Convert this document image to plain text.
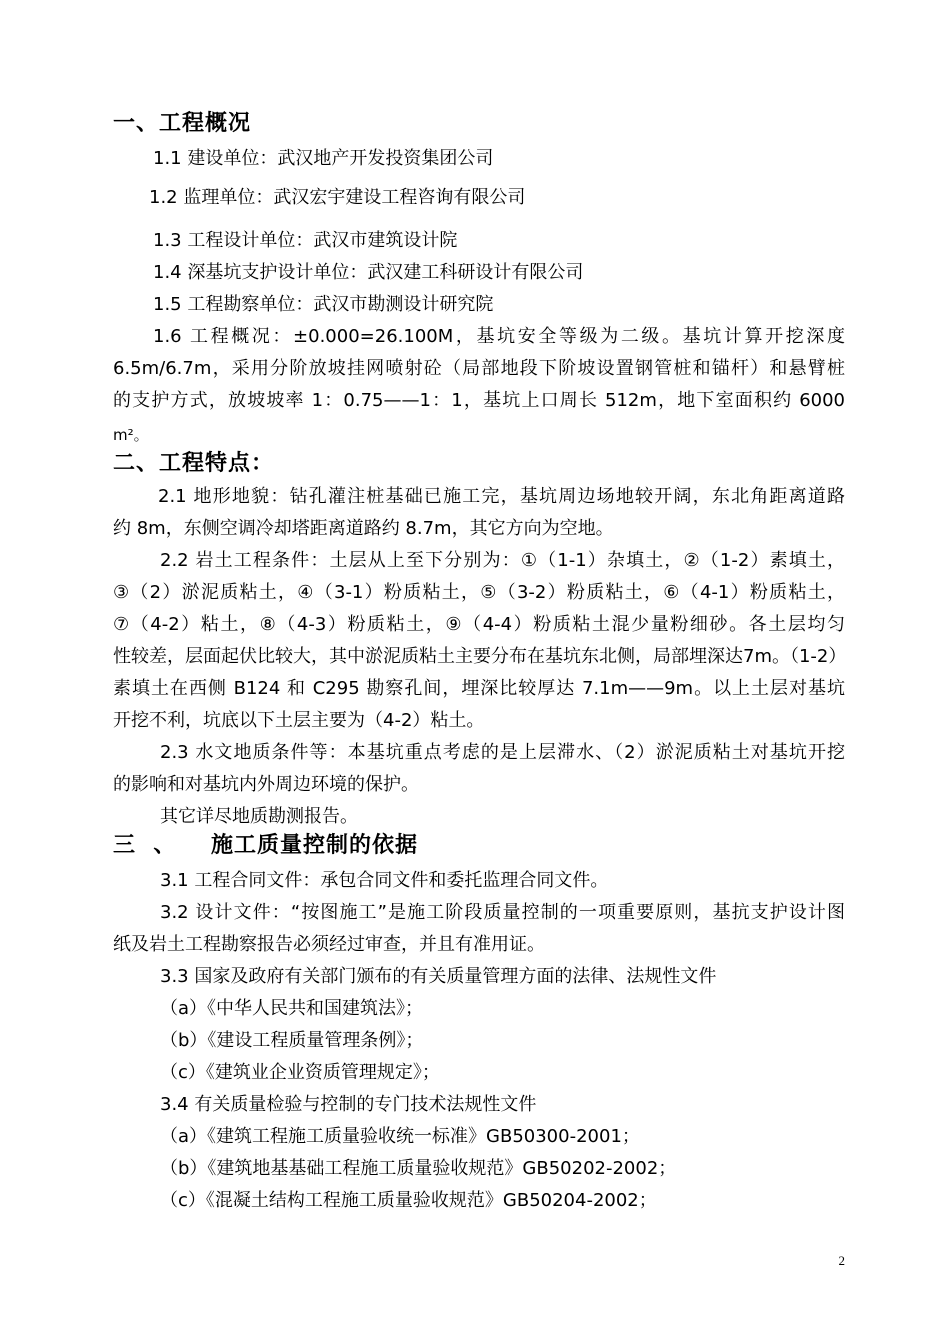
一、工程概况
1.1 建设单位：武汉地产开发投资集团公司
1.2 监理单位：武汉宏宇建设工程咨询有限公司
1.3 工程设计单位：武汉市建筑设计院
1.4 深基坑支护设计单位：武汉建工科研设计有限公司
1.5 工程勘察单位：武汉市勘测设计研究院
1.6 工程概况：±0.000=26.100M，基坑安全等级为二级。基坑计算开挖深度
6.5m/6.7m，采用分阶放坡挂网喷射砼（局部地段下阶坡设置钢管桩和锚杆）和悬臂桩
的支护方式，放坡坡率 1：0.75——1：1，基坑上口周长 512m，地下室面积约 6000
m²。
二、工程特点：
2.1 地形地貌：钻孔灌注桩基础已施工完，基坑周边场地较开阔，东北角距离道路
约 8m，东侧空调冷却塔距离道路约 8.7m，其它方向为空地。
2.2 岩土工程条件：土层从上至下分别为：①（1-1）杂填土，②（1-2）素填土，
③（2）淤泥质粘土，④（3-1）粉质粘土，⑤（3-2）粉质粘土，⑥（4-1）粉质粘土，
⑦（4-2）粘土，⑧（4-3）粉质粘土，⑨（4-4）粉质粘土混少量粉细砂。各土层均匀
性较差，层面起伏比较大，其中淤泥质粘土主要分布在基坑东北侧，局部埋深达7m。（1-2）
素填土在西侧 B124 和 C295 勘察孔间，埋深比较厚达 7.1m——9m。以上土层对基坑
开挖不利，坑底以下土层主要为（4-2）粘土。
2.3 水文地质条件等：本基坑重点考虑的是上层滞水、（2）淤泥质粘土对基坑开挖
的影响和对基坑内外周边环境的保护。
其它详尽地质勘测报告。
三  、    施工质量控制的依据
3.1 工程合同文件：承包合同文件和委托监理合同文件。
3.2 设计文件：“按图施工”是施工阶段质量控制的一项重要原则，基抗支护设计图
纸及岩土工程勘察报告必须经过审查，并且有准用证。
3.3 国家及政府有关部门颁布的有关质量管理方面的法律、法规性文件
（a）《中华人民共和国建筑法》；
（b）《建设工程质量管理条例》；
（c）《建筑业企业资质管理规定》；
3.4 有关质量检验与控制的专门技术法规性文件
（a）《建筑工程施工质量验收统一标准》GB50300-2001；
（b）《建筑地基基础工程施工质量验收规范》GB50202-2002；
（c）《混凝土结构工程施工质量验收规范》GB50204-2002；
2
